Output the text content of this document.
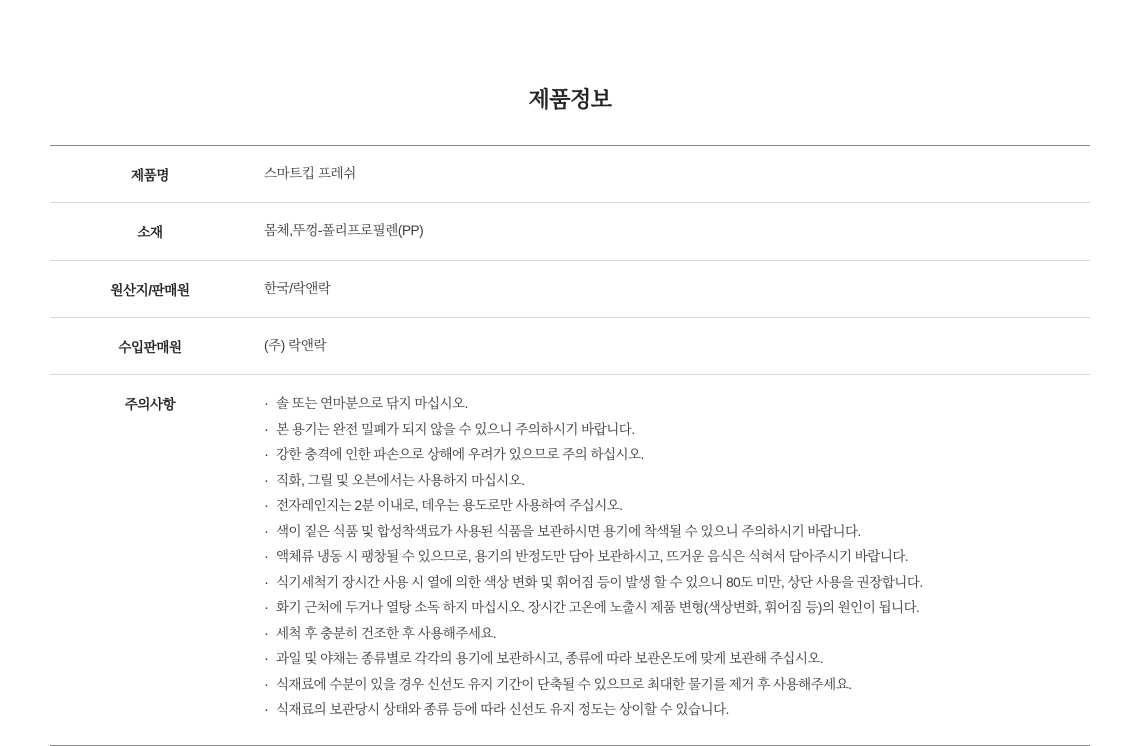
제품정보
제품명	스마트킵 프레쉬
소재	몸체,뚜껑-폴리프로필렌(PP)
원산지/판매원	한국/락앤락
수입판매원	(주) 락앤락
주의사항	
·솔 또는 연마분으로 닦지 마십시오.
· 본 용기는 완전 밀폐가 되지 않을 수 있으니 주의하시기 바랍니다.
· 강한 충격에 인한 파손으로 상해에 우려가 있으므로 주의 하십시오.
· 직화, 그릴 및 오븐에서는 사용하지 마십시오.
· 전자레인지는 2분 이내로, 데우는 용도로만 사용하여 주십시오.
· 색이 짙은 식품 및 합성착색료가 사용된 식품을 보관하시면 용기에 착색될 수 있으니 주의하시기 바랍니다.
· 액체류 냉동 시 팽창될 수 있으므로, 용기의 반정도만 담아 보관하시고, 뜨거운 음식은 식혀서 담아주시기 바랍니다.
· 식기세척기 장시간 사용 시 열에 의한 색상 변화 및 휘어짐 등이 발생 할 수 있으니 80도 미만, 상단 사용을 권장합니다.
· 화기 근처에 두거나 열탕 소독 하지 마십시오. 장시간 고온에 노출시 제품 변형(색상변화, 휘어짐 등)의 원인이 됩니다.
· 세척 후 충분히 건조한 후 사용해주세요.
· 과일 및 야채는 종류별로 각각의 용기에 보관하시고, 종류에 따라 보관온도에 맞게 보관해 주십시오.
· 식재료에 수분이 있을 경우 신선도 유지 기간이 단축될 수 있으므로 최대한 물기를 제거 후 사용해주세요.
· 식재료의 보관당시 상태와 종류 등에 따라 신선도 유지 정도는 상이할 수 있습니다.
